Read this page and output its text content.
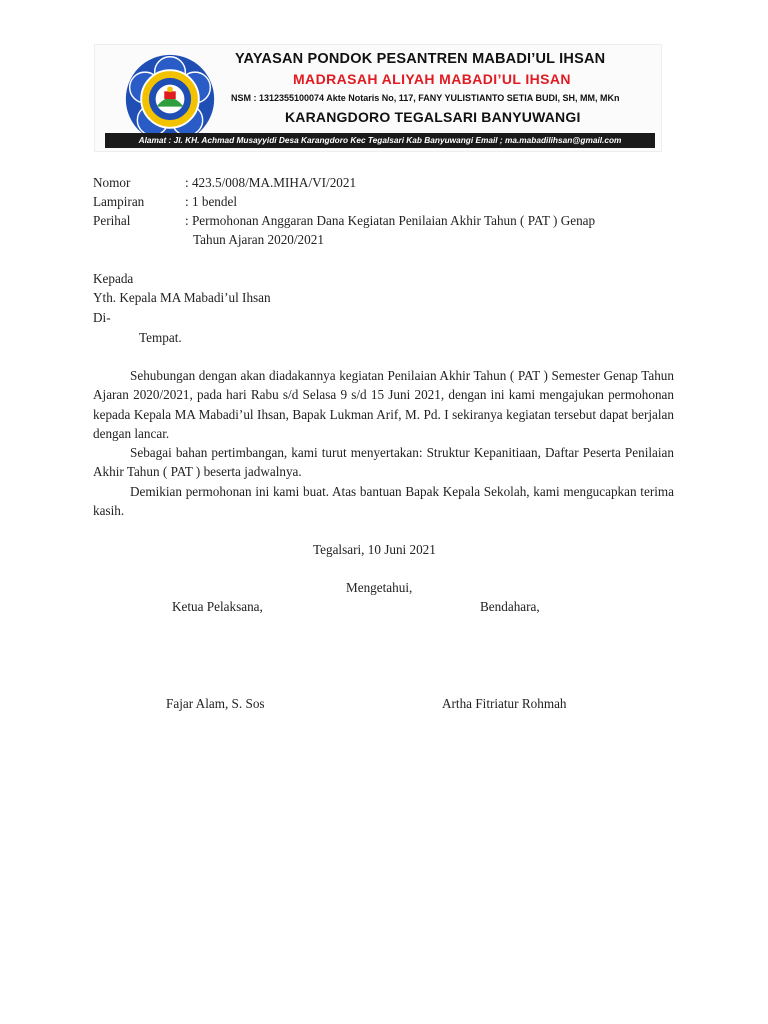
YAYASAN PONDOK PESANTREN MABADI’UL IHSAN
MADRASAH ALIYAH MABADI’UL IHSAN
NSM : 1312355100074 Akte Notaris No, 117, FANY YULISTIANTO SETIA BUDI, SH, MM, MKn
KARANGDORO TEGALSARI BANYUWANGI
Alamat : Jl. KH. Achmad Musayyidi Desa Karangdoro Kec Tegalsari Kab Banyuwangi Email ; ma.mabadilihsan@gmail.com
Nomor	: 423.5/008/MA.MIHA/VI/2021
Lampiran	: 1 bendel
Perihal	: Permohonan Anggaran Dana Kegiatan Penilaian Akhir Tahun ( PAT ) Genap
Tahun Ajaran 2020/2021
Kepada
Yth. Kepala MA Mabadi’ul Ihsan
Di-
Tempat.

Sehubungan dengan akan diadakannya kegiatan Penilaian Akhir Tahun ( PAT ) Semester Genap Tahun Ajaran 2020/2021, pada hari Rabu s/d Selasa 9 s/d 15 Juni 2021, dengan ini kami mengajukan permohonan kepada Kepala MA Mabadi’ul Ihsan, Bapak Lukman Arif, M. Pd. I sekiranya kegiatan tersebut dapat berjalan dengan lancar.

Sebagai bahan pertimbangan, kami turut menyertakan: Struktur Kepanitiaan, Daftar Peserta Penilaian Akhir Tahun ( PAT ) beserta jadwalnya.

Demikian permohonan ini kami buat. Atas bantuan Bapak Kepala Sekolah, kami mengucapkan terima kasih.

Tegalsari, 10 Juni 2021
Mengetahui,
Ketua Pelaksana,	Bendahara,
Fajar Alam, S. Sos	Artha Fitriatur Rohmah
